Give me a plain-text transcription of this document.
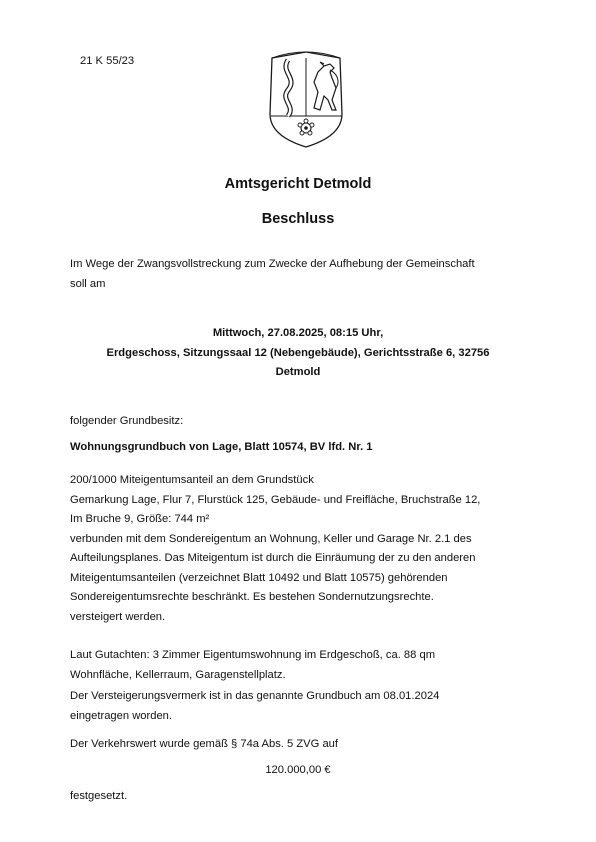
21 K 55/23
Amtsgericht Detmold
Beschluss
Im Wege der Zwangsvollstreckung zum Zwecke der Aufhebung der Gemeinschaft
soll am
Mittwoch, 27.08.2025, 08:15 Uhr,
Erdgeschoss, Sitzungssaal 12 (Nebengebäude), Gerichtsstraße 6, 32756
Detmold
folgender Grundbesitz:
Wohnungsgrundbuch von Lage, Blatt 10574, BV lfd. Nr. 1
200/1000 Miteigentumsanteil an dem Grundstück
Gemarkung Lage, Flur 7, Flurstück 125, Gebäude- und Freifläche, Bruchstraße 12,
Im Bruche 9, Größe: 744 m²
verbunden mit dem Sondereigentum an Wohnung, Keller und Garage Nr. 2.1 des
Aufteilungsplanes. Das Miteigentum ist durch die Einräumung der zu den anderen
Miteigentumsanteilen (verzeichnet Blatt 10492 und Blatt 10575) gehörenden
Sondereigentumsrechte beschränkt. Es bestehen Sondernutzungsrechte.
versteigert werden.
Laut Gutachten: 3 Zimmer Eigentumswohnung im Erdgeschoß, ca. 88 qm
Wohnfläche, Kellerraum, Garagenstellplatz.
Der Versteigerungsvermerk ist in das genannte Grundbuch am 08.01.2024
eingetragen worden.
Der Verkehrswert wurde gemäß § 74a Abs. 5 ZVG auf
120.000,00 €
festgesetzt.
